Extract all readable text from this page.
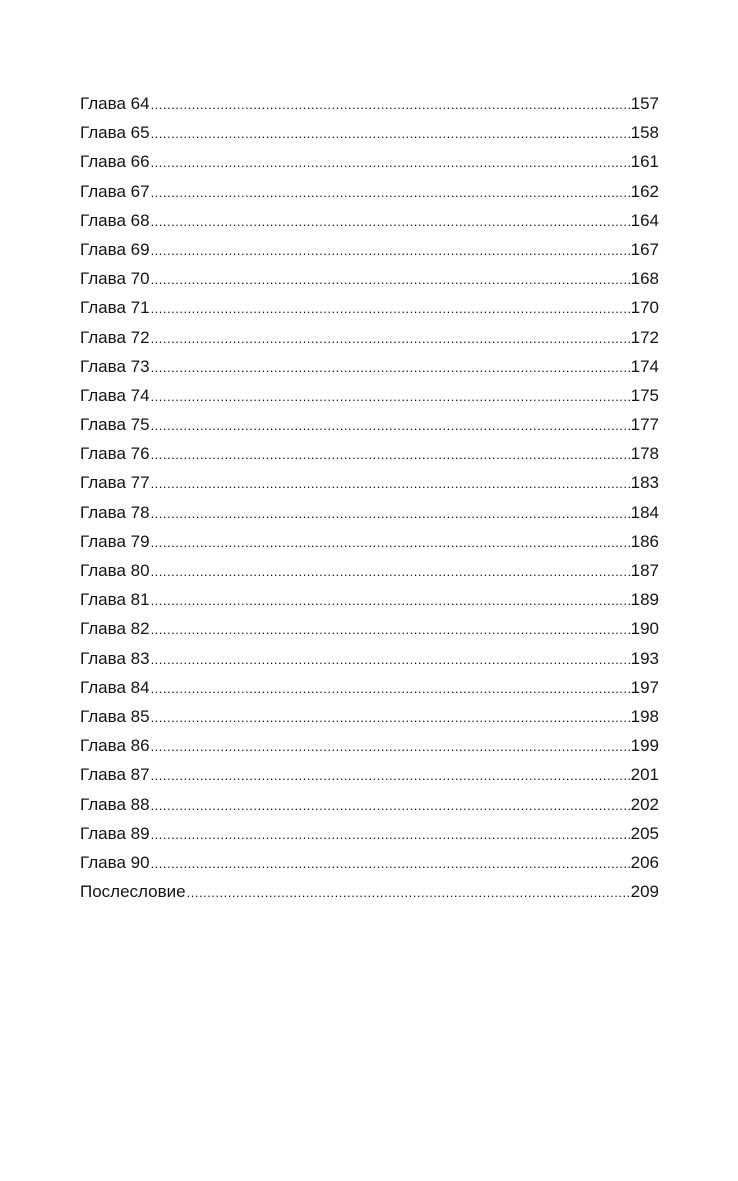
Глава 64 .....	157
Глава 65 .....	158
Глава 66 .....	161
Глава 67 .....	162
Глава 68 .....	164
Глава 69 .....	167
Глава 70 .....	168
Глава 71 .....	170
Глава 72 .....	172
Глава 73 .....	174
Глава 74 .....	175
Глава 75 .....	177
Глава 76 .....	178
Глава 77 .....	183
Глава 78 .....	184
Глава 79 .....	186
Глава 80 .....	187
Глава 81 .....	189
Глава 82 .....	190
Глава 83 .....	193
Глава 84 .....	197
Глава 85 .....	198
Глава 86 .....	199
Глава 87 .....	201
Глава 88 .....	202
Глава 89 .....	205
Глава 90 .....	206
Послесловие .....	209
